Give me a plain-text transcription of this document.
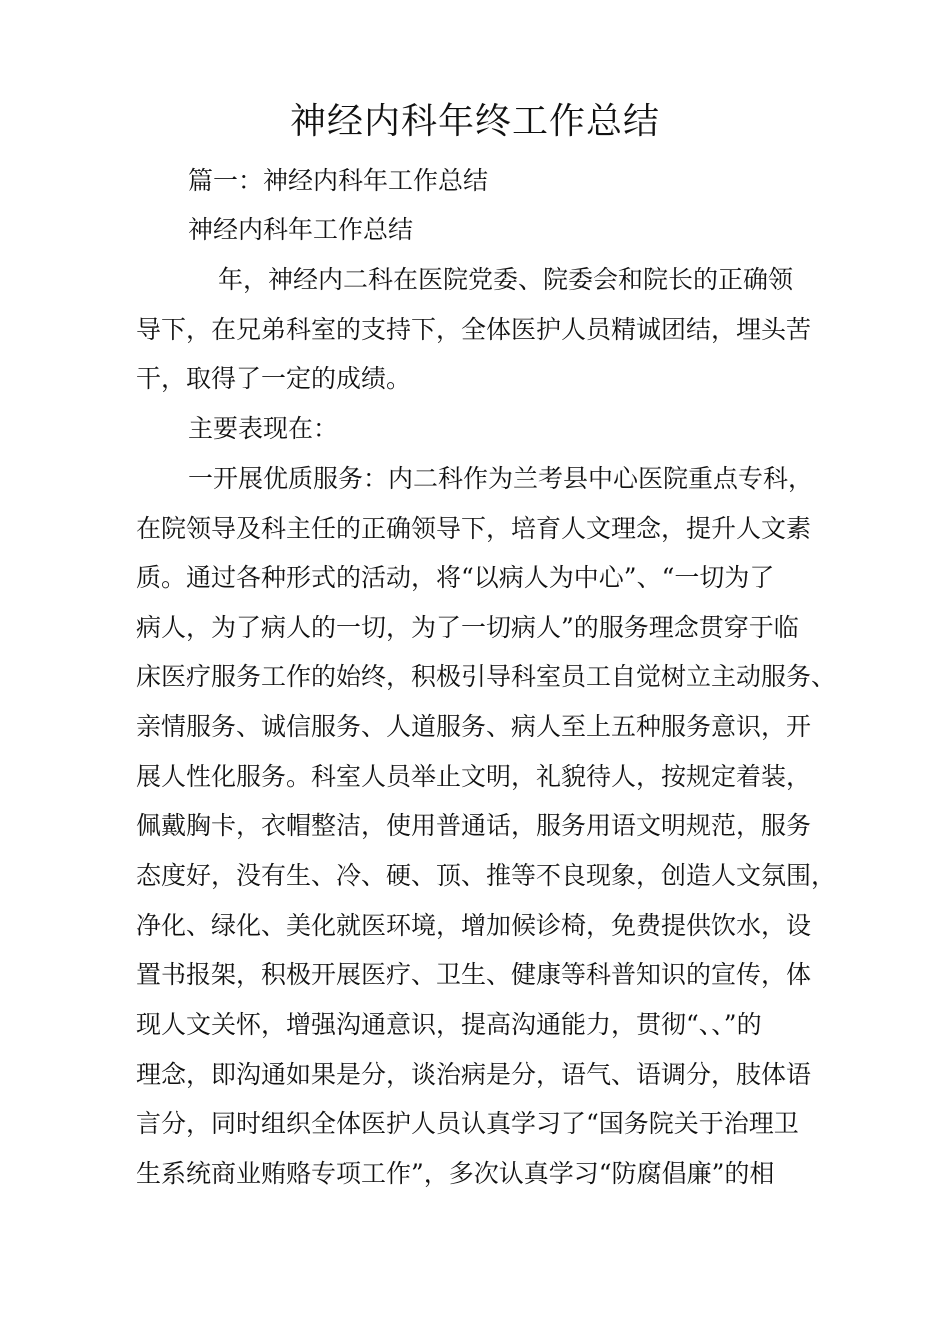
神经内科年终工作总结
篇一：神经内科年工作总结
神经内科年工作总结
年，神经内二科在医院党委、院委会和院长的正确领
导下，在兄弟科室的支持下，全体医护人员精诚团结，埋头苦
干，取得了一定的成绩。
主要表现在：
一开展优质服务：内二科作为兰考县中心医院重点专科，
在院领导及科主任的正确领导下，培育人文理念，提升人文素
质。通过各种形式的活动，将“以病人为中心”、“一切为了
病人，为了病人的一切，为了一切病人”的服务理念贯穿于临
床医疗服务工作的始终，积极引导科室员工自觉树立主动服务、
亲情服务、诚信服务、人道服务、病人至上五种服务意识，开
展人性化服务。科室人员举止文明，礼貌待人，按规定着装，
佩戴胸卡，衣帽整洁，使用普通话，服务用语文明规范，服务
态度好，没有生、冷、硬、顶、推等不良现象，创造人文氛围，
净化、绿化、美化就医环境，增加候诊椅，免费提供饮水，设
置书报架，积极开展医疗、卫生、健康等科普知识的宣传，体
现人文关怀，增强沟通意识，提高沟通能力，贯彻“、、”的
理念，即沟通如果是分，谈治病是分，语气、语调分，肢体语
言分，同时组织全体医护人员认真学习了“国务院关于治理卫
生系统商业贿赂专项工作”，多次认真学习“防腐倡廉”的相
